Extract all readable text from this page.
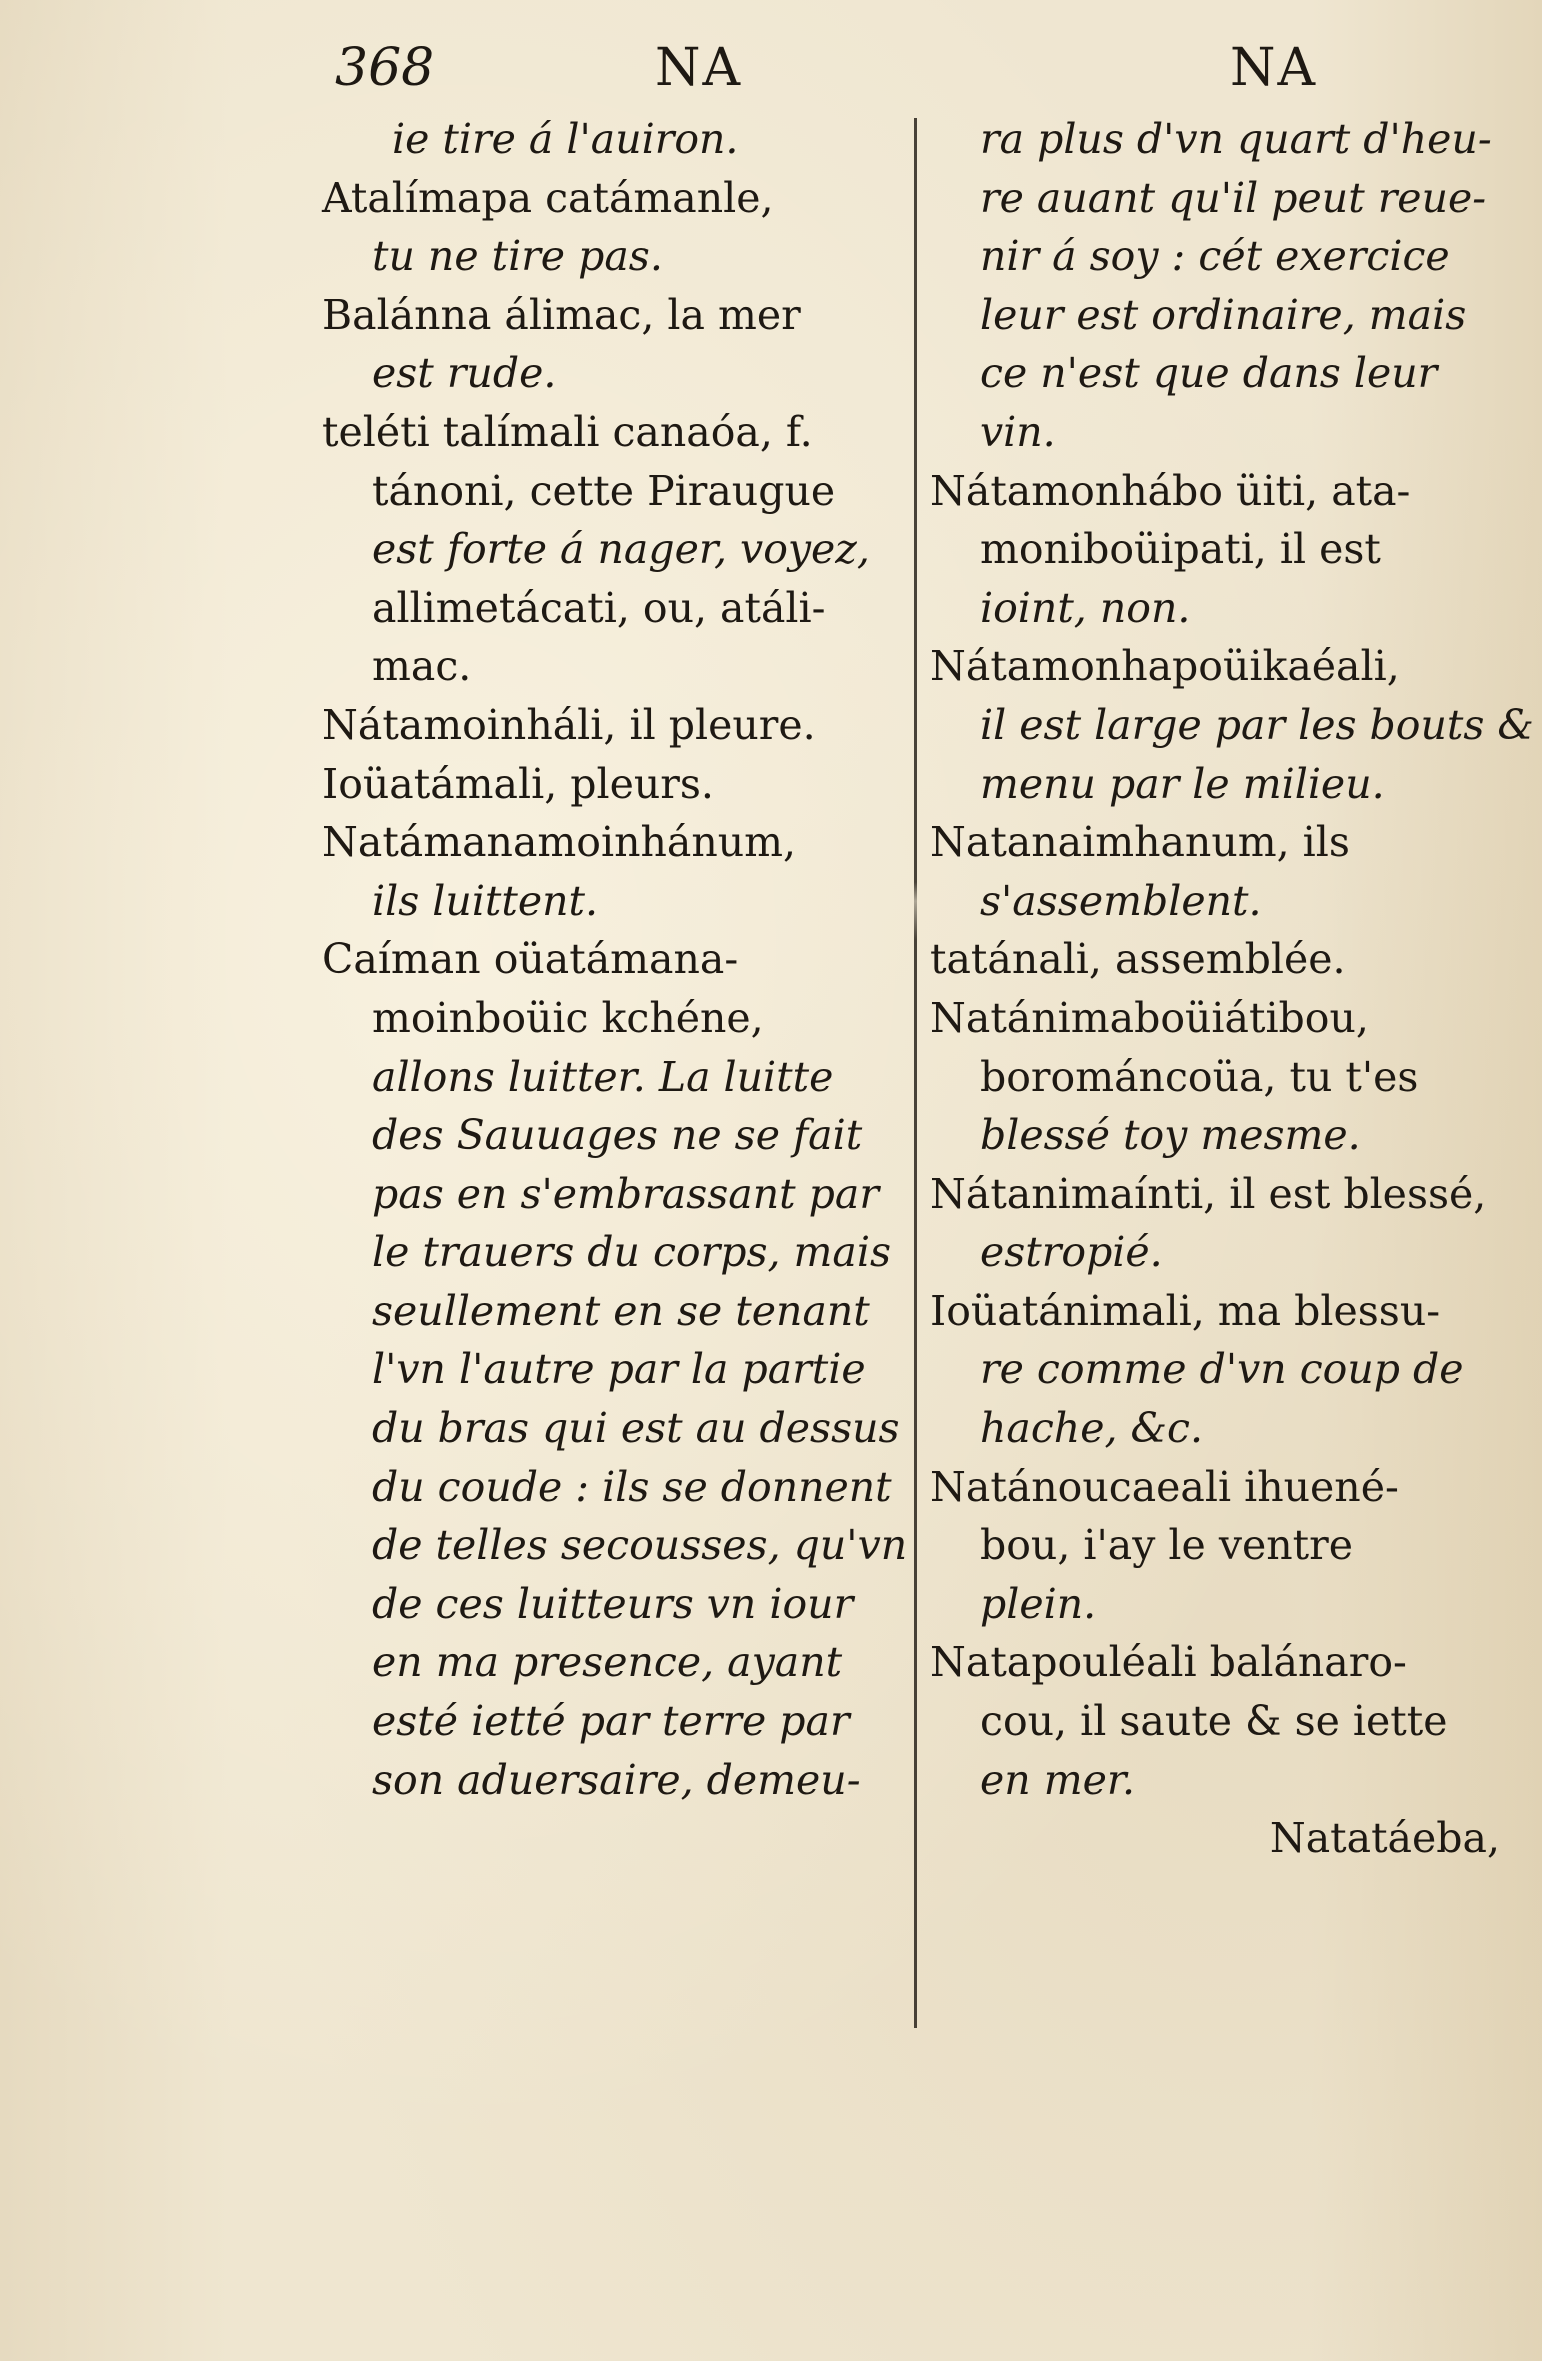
368	NA	NA
ie tire á l'auiron.
Atalímapa catámanle,
tu ne tire pas.
Balánna álimac, la mer
est rude.
teléti talímali canaóa, f.
tánoni, cette Piraugue
est forte á nager, voyez,
allimetácati, ou, atáli-
mac.
Nátamoinháli, il pleure.
Ioüatámali, pleurs.
Natámanamoinhánum,
ils luittent.
Caíman oüatámana-
moinboüic kchéne,
allons luitter. La luitte
des Sauuages ne se fait
pas en s'embrassant par
le trauers du corps, mais
seullement en se tenant
l'vn l'autre par la partie
du bras qui est au dessus
du coude : ils se donnent
de telles secousses, qu'vn
de ces luitteurs vn iour
en ma presence, ayant
esté ietté par terre par
son aduersaire, demeu-
ra plus d'vn quart d'heu-
re auant qu'il peut reue-
nir á soy : cét exercice
leur est ordinaire, mais
ce n'est que dans leur
vin.
Nátamonhábo üiti, ata-
moniboüipati, il est
ioint, non.
Nátamonhapoüikaéali,
il est large par les bouts &
menu par le milieu.
Natanaimhanum, ils
s'assemblent.
tatánali, assemblée.
Natánimaboüiátibou,
borománcoüa, tu t'es
blessé toy mesme.
Nátanimaínti, il est blessé,
estropié.
Ioüatánimali, ma blessu-
re comme d'vn coup de
hache, &c.
Natánoucaeali ihuené-
bou, i'ay le ventre
plein.
Natapouléali balánaro-
cou, il saute & se iette
en mer.
Natatáeba,
